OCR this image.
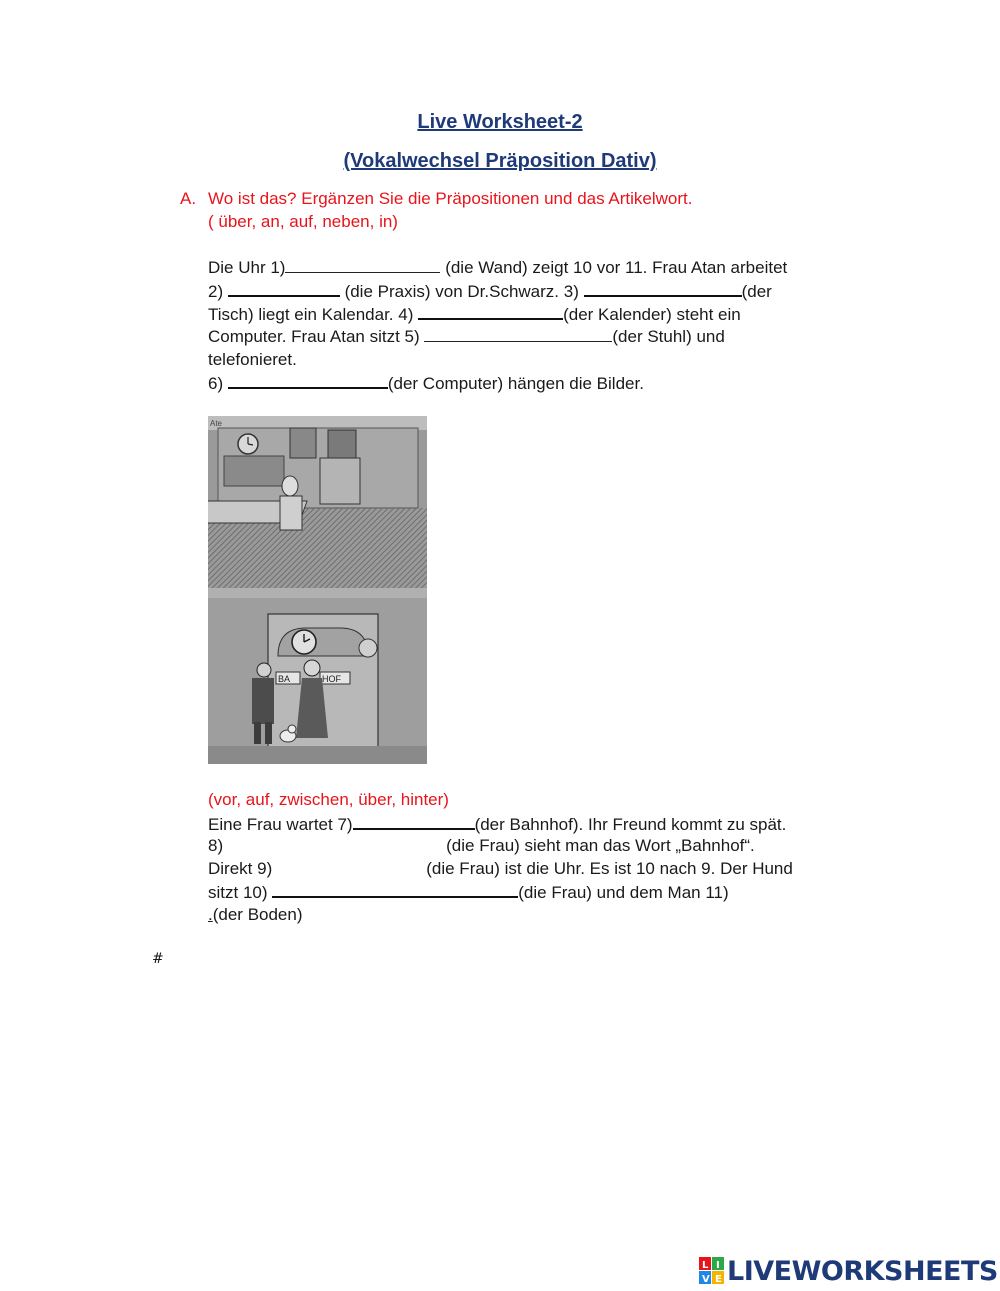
Live Worksheet-2
(Vokalwechsel Präposition Dativ)
A. Wo ist das? Ergänzen Sie die Präpositionen und das Artikelwort.
( über, an, auf, neben, in)
Die Uhr 1)	(die Wand) zeigt 10 vor 11. Frau Atan arbeitet
2)	(die Praxis) von Dr.Schwarz. 3)	(der
Tisch) liegt ein Kalendar. 4)	(der Kalender) steht ein
Computer. Frau Atan sitzt 5)	(der Stuhl) und
telefonieret.
6)	(der Computer) hängen die Bilder.
Ate
BA	HOF
(vor, auf, zwischen, über, hinter)
Eine Frau wartet 7)	(der Bahnhof). Ihr Freund kommt zu spät.
8)	(die Frau) sieht man das Wort „Bahnhof“.
Direkt 9)	(die Frau) ist die Uhr. Es ist 10 nach 9. Der Hund
sitzt 10)	(die Frau) und dem Man 11)
.(der Boden)
#
L I
V E LIVEWORKSHEETS
